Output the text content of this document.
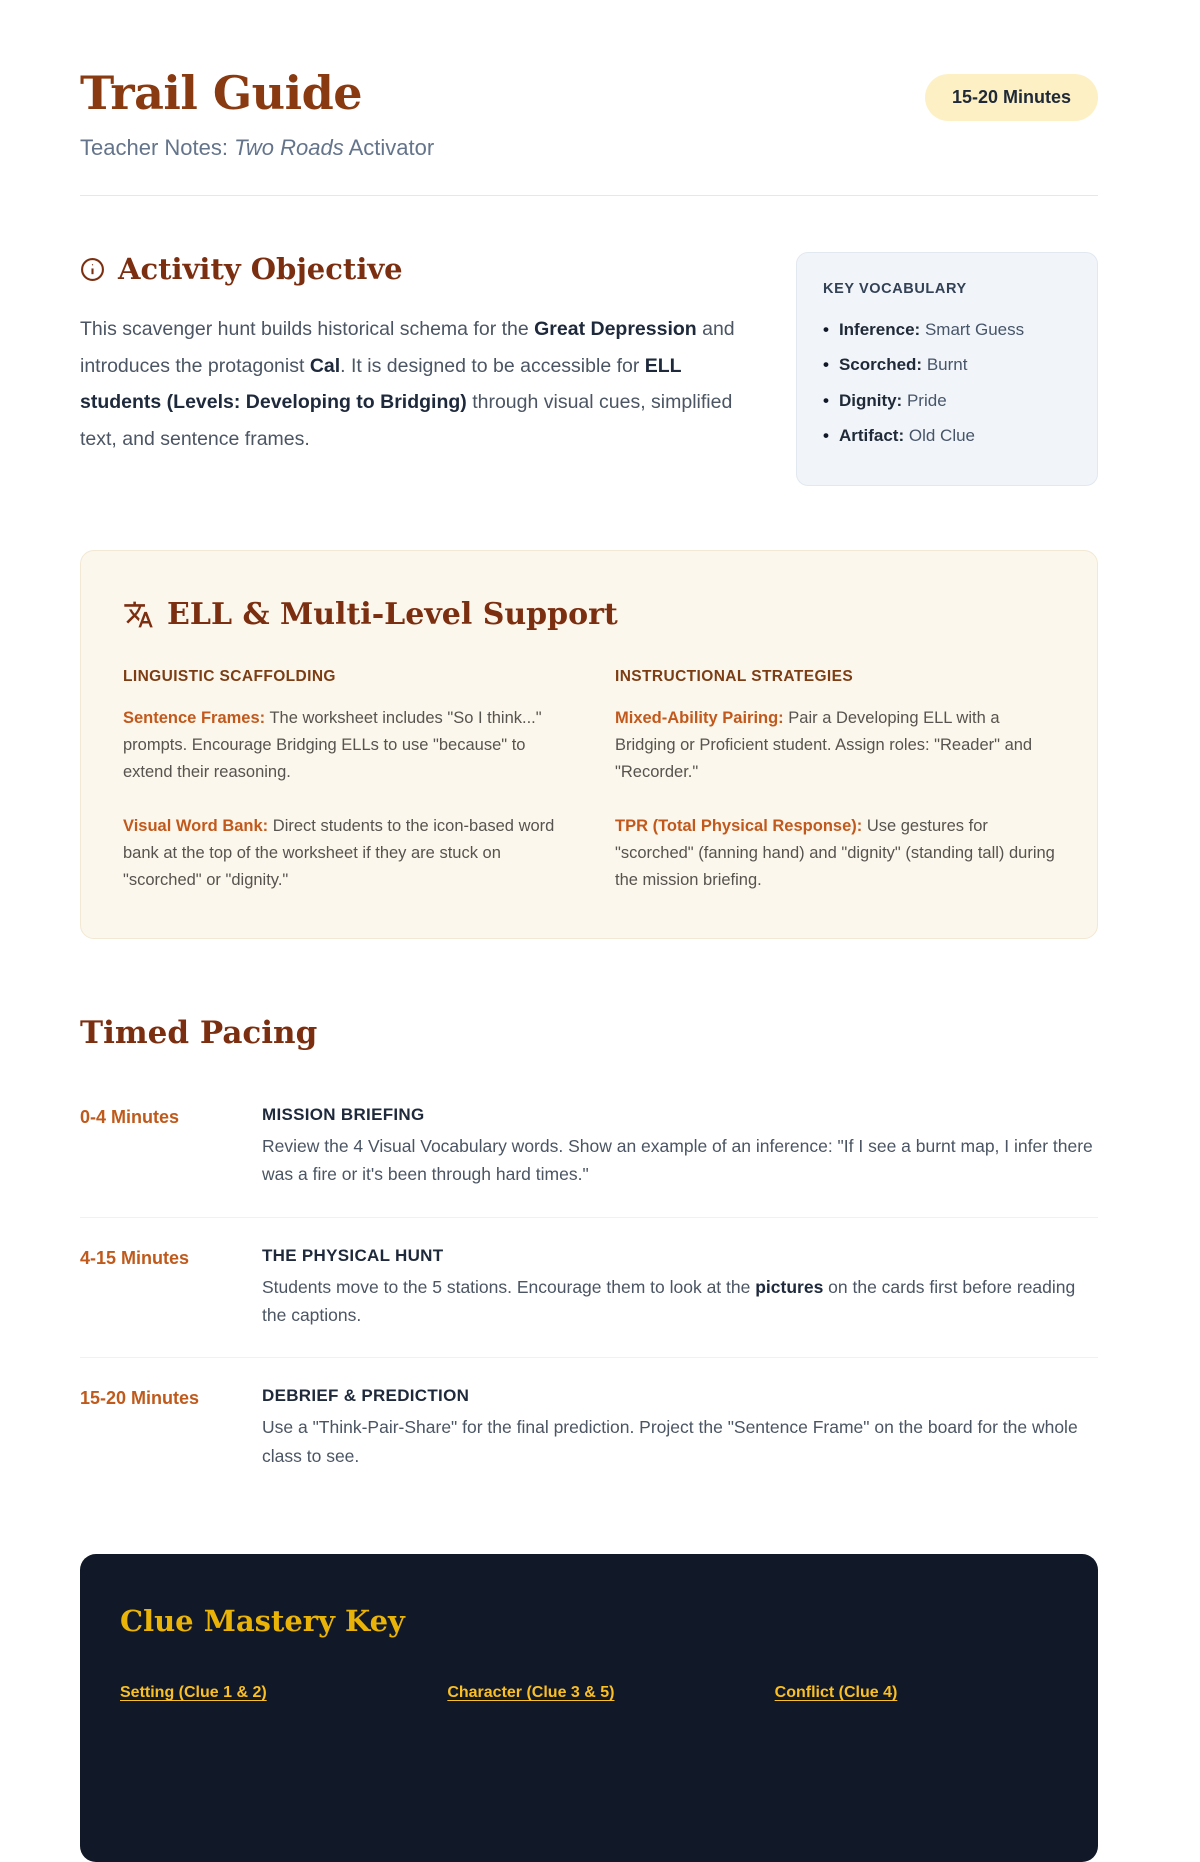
Trail Guide
Teacher Notes: Two Roads Activator
15-20 Minutes
Activity Objective

This scavenger hunt builds historical schema for the Great Depression and introduces the protagonist Cal. It is designed to be accessible for ELL students (Levels: Developing to Bridging) through visual cues, simplified text, and sentence frames.

KEY VOCABULARY
• Inference: Smart Guess
• Scorched: Burnt
• Dignity: Pride
• Artifact: Old Clue
ELL & Multi-Level Support
LINGUISTIC SCAFFOLDING

Sentence Frames: The worksheet includes "So I think..." prompts. Encourage Bridging ELLs to use "because" to extend their reasoning.

Visual Word Bank: Direct students to the icon-based word bank at the top of the worksheet if they are stuck on "scorched" or "dignity."

INSTRUCTIONAL STRATEGIES

Mixed-Ability Pairing: Pair a Developing ELL with a Bridging or Proficient student. Assign roles: "Reader" and "Recorder."

TPR (Total Physical Response): Use gestures for "scorched" (fanning hand) and "dignity" (standing tall) during the mission briefing.

Timed Pacing
0-4 Minutes	MISSION BRIEFING
Review the 4 Visual Vocabulary words. Show an example of an inference: "If I see a burnt map, I infer there was a fire or it's been through hard times."
4-15 Minutes	THE PHYSICAL HUNT
Students move to the 5 stations. Encourage them to look at the pictures on the cards first before reading the captions.
15-20 Minutes	DEBRIEF & PREDICTION
Use a "Think-Pair-Share" for the final prediction. Project the "Sentence Frame" on the board for the whole class to see.
Clue Mastery Key
Setting (Clue 1 & 2)	Character (Clue 3 & 5)	Conflict (Clue 4)
